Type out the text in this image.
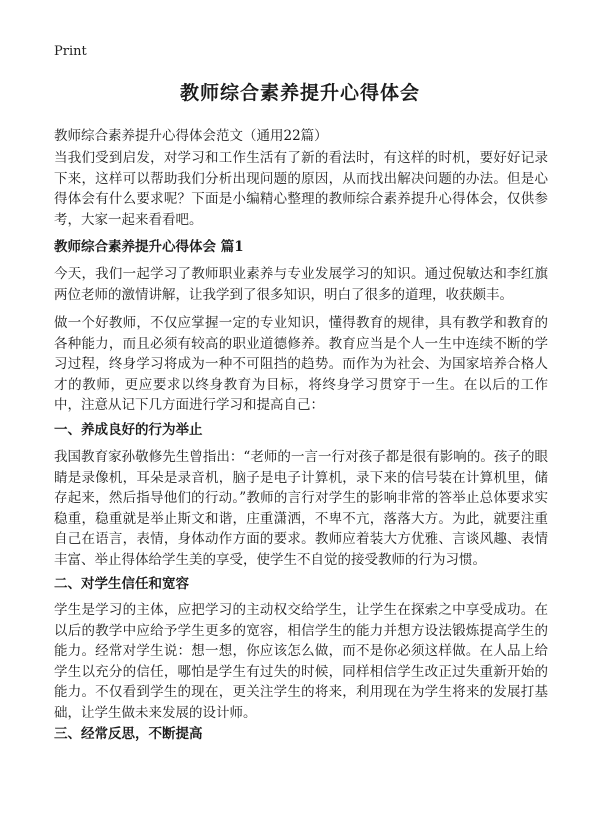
Print
教师综合素养提升心得体会
教师综合素养提升心得体会范文（通用22篇）

当我们受到启发，对学习和工作生活有了新的看法时，有这样的时机，要好好记录下来，这样可以帮助我们分析出现问题的原因，从而找出解决问题的办法。但是心得体会有什么要求呢？下面是小编精心整理的教师综合素养提升心得体会，仅供参考，大家一起来看看吧。

教师综合素养提升心得体会 篇1

今天，我们一起学习了教师职业素养与专业发展学习的知识。通过倪敏达和李红旗两位老师的激情讲解，让我学到了很多知识，明白了很多的道理，收获颇丰。

做一个好教师，不仅应掌握一定的专业知识，懂得教育的规律，具有教学和教育的各种能力，而且必须有较高的职业道德修养。教育应当是个人一生中连续不断的学习过程，终身学习将成为一种不可阻挡的趋势。而作为为社会、为国家培养合格人才的教师，更应要求以终身教育为目标，将终身学习贯穿于一生。在以后的工作中，注意从记下几方面进行学习和提高自己：

一、养成良好的行为举止

我国教育家孙敬修先生曾指出：“老师的一言一行对孩子都是很有影响的。孩子的眼睛是录像机，耳朵是录音机，脑子是电子计算机，录下来的信号装在计算机里，储存起来，然后指导他们的行动。”教师的言行对学生的影响非常的答举止总体要求实稳重，稳重就是举止斯文和谐，庄重潇洒，不卑不亢，落落大方。为此，就要注重自己在语言，表情，身体动作方面的要求。教师应着装大方优雅、言谈风趣、表情丰富、举止得体给学生美的享受，使学生不自觉的接受教师的行为习惯。

二、对学生信任和宽容

学生是学习的主体，应把学习的主动权交给学生，让学生在探索之中享受成功。在以后的教学中应给予学生更多的宽容，相信学生的能力并想方设法锻炼提高学生的能力。经常对学生说：想一想，你应该怎么做，而不是你必须这样做。在人品上给学生以充分的信任，哪怕是学生有过失的时候，同样相信学生改正过失重新开始的能力。不仅看到学生的现在，更关注学生的将来，利用现在为学生将来的发展打基础，让学生做未来发展的设计师。

三、经常反思，不断提高
